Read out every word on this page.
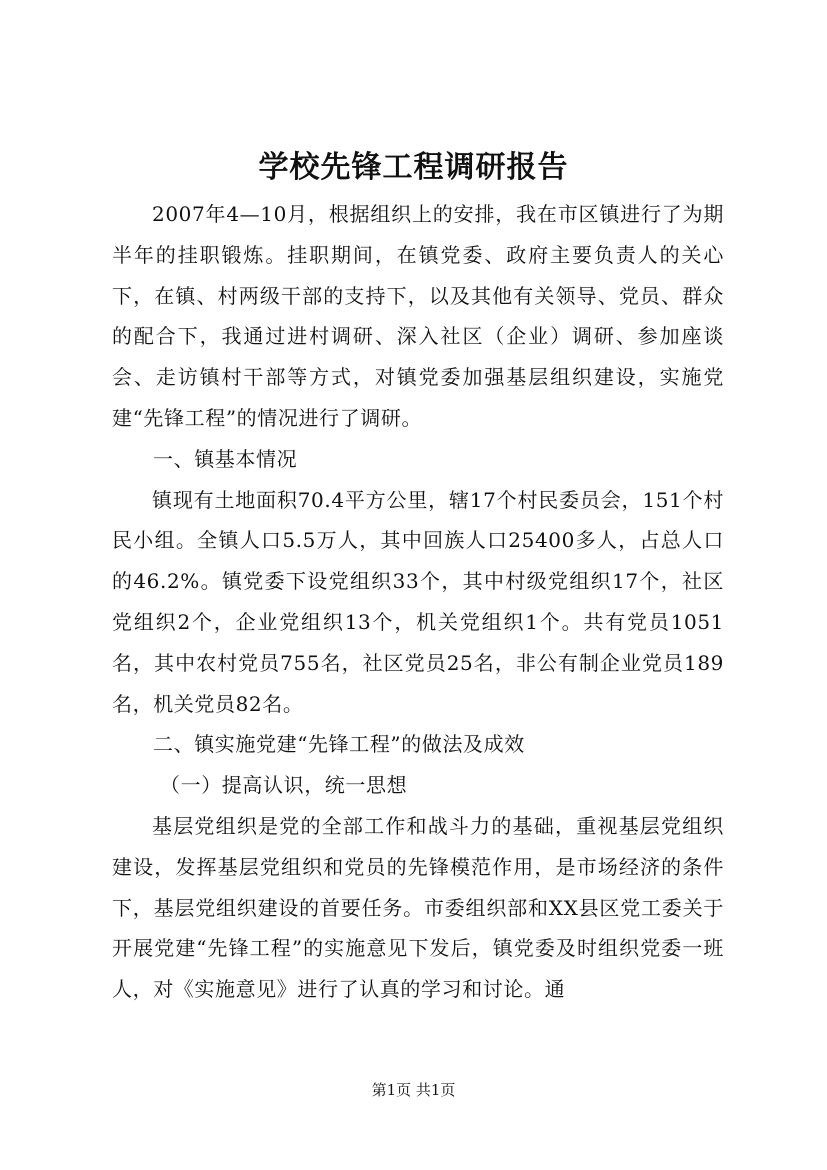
学校先锋工程调研报告

2007年4—10月，根据组织上的安排，我在市区镇进行了为期半年的挂职锻炼。挂职期间，在镇党委、政府主要负责人的关心下，在镇、村两级干部的支持下，以及其他有关领导、党员、群众的配合下，我通过进村调研、深入社区（企业）调研、参加座谈会、走访镇村干部等方式，对镇党委加强基层组织建设，实施党建“先锋工程”的情况进行了调研。

一、镇基本情况

镇现有土地面积70.4平方公里，辖17个村民委员会，151个村民小组。全镇人口5.5万人，其中回族人口25400多人，占总人口的46.2%。镇党委下设党组织33个，其中村级党组织17个，社区党组织2个，企业党组织13个，机关党组织1个。共有党员1051名，其中农村党员755名，社区党员25名，非公有制企业党员189名，机关党员82名。

二、镇实施党建“先锋工程”的做法及成效

（一）提高认识，统一思想

基层党组织是党的全部工作和战斗力的基础，重视基层党组织建设，发挥基层党组织和党员的先锋模范作用，是市场经济的条件下，基层党组织建设的首要任务。市委组织部和XX县区党工委关于开展党建“先锋工程”的实施意见下发后，镇党委及时组织党委一班人，对《实施意见》进行了认真的学习和讨论。通

第1页 共1页
